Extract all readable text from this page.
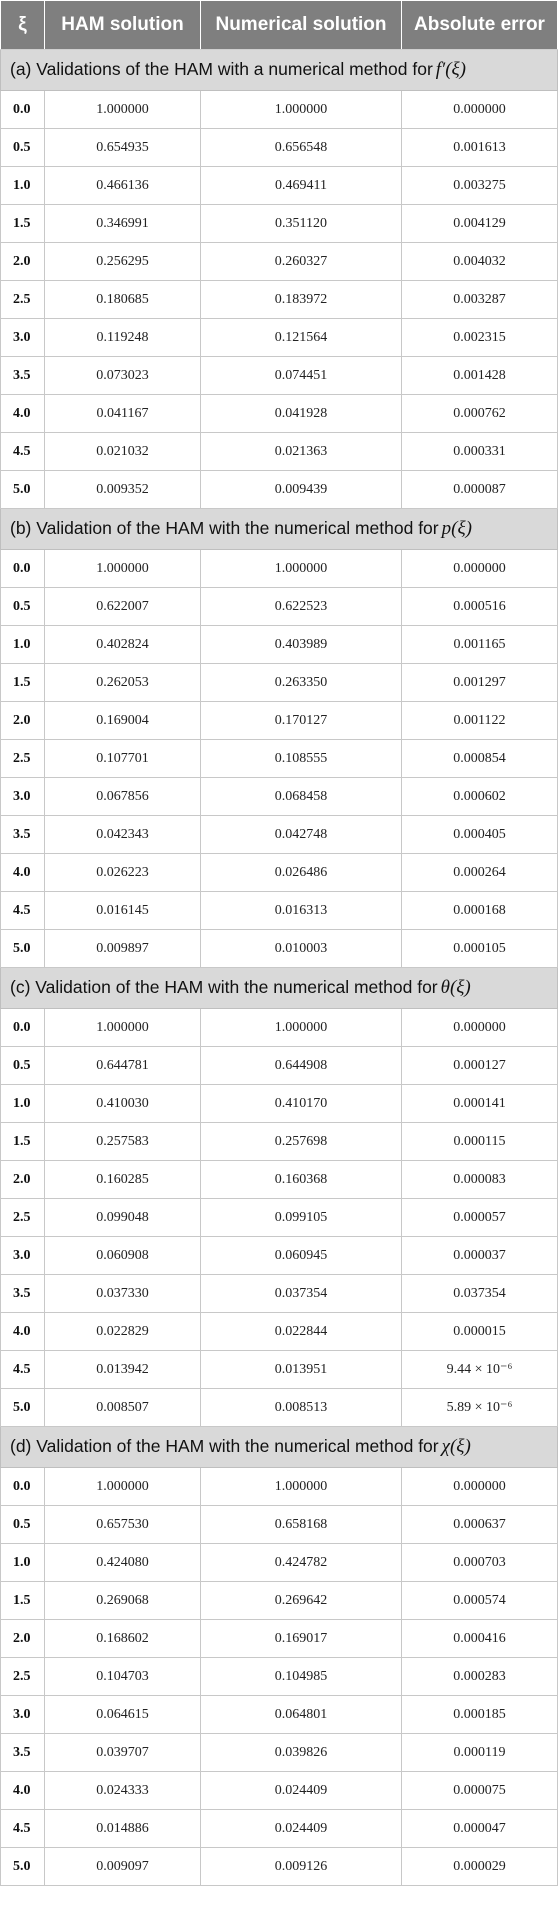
ξ	HAM solution	Numerical solution	Absolute error
(a) Validations of the HAM with a numerical method for f′(ξ)			
0.0	1.000000	1.000000	0.000000
0.5	0.654935	0.656548	0.001613
1.0	0.466136	0.469411	0.003275
1.5	0.346991	0.351120	0.004129
2.0	0.256295	0.260327	0.004032
2.5	0.180685	0.183972	0.003287
3.0	0.119248	0.121564	0.002315
3.5	0.073023	0.074451	0.001428
4.0	0.041167	0.041928	0.000762
4.5	0.021032	0.021363	0.000331
5.0	0.009352	0.009439	0.000087
(b) Validation of the HAM with the numerical method for p(ξ)			
0.0	1.000000	1.000000	0.000000
0.5	0.622007	0.622523	0.000516
1.0	0.402824	0.403989	0.001165
1.5	0.262053	0.263350	0.001297
2.0	0.169004	0.170127	0.001122
2.5	0.107701	0.108555	0.000854
3.0	0.067856	0.068458	0.000602
3.5	0.042343	0.042748	0.000405
4.0	0.026223	0.026486	0.000264
4.5	0.016145	0.016313	0.000168
5.0	0.009897	0.010003	0.000105
(c) Validation of the HAM with the numerical method for θ(ξ)			
0.0	1.000000	1.000000	0.000000
0.5	0.644781	0.644908	0.000127
1.0	0.410030	0.410170	0.000141
1.5	0.257583	0.257698	0.000115
2.0	0.160285	0.160368	0.000083
2.5	0.099048	0.099105	0.000057
3.0	0.060908	0.060945	0.000037
3.5	0.037330	0.037354	0.037354
4.0	0.022829	0.022844	0.000015
4.5	0.013942	0.013951	9.44 × 10⁻⁶
5.0	0.008507	0.008513	5.89 × 10⁻⁶
(d) Validation of the HAM with the numerical method for χ(ξ)			
0.0	1.000000	1.000000	0.000000
0.5	0.657530	0.658168	0.000637
1.0	0.424080	0.424782	0.000703
1.5	0.269068	0.269642	0.000574
2.0	0.168602	0.169017	0.000416
2.5	0.104703	0.104985	0.000283
3.0	0.064615	0.064801	0.000185
3.5	0.039707	0.039826	0.000119
4.0	0.024333	0.024409	0.000075
4.5	0.014886	0.024409	0.000047
5.0	0.009097	0.009126	0.000029
